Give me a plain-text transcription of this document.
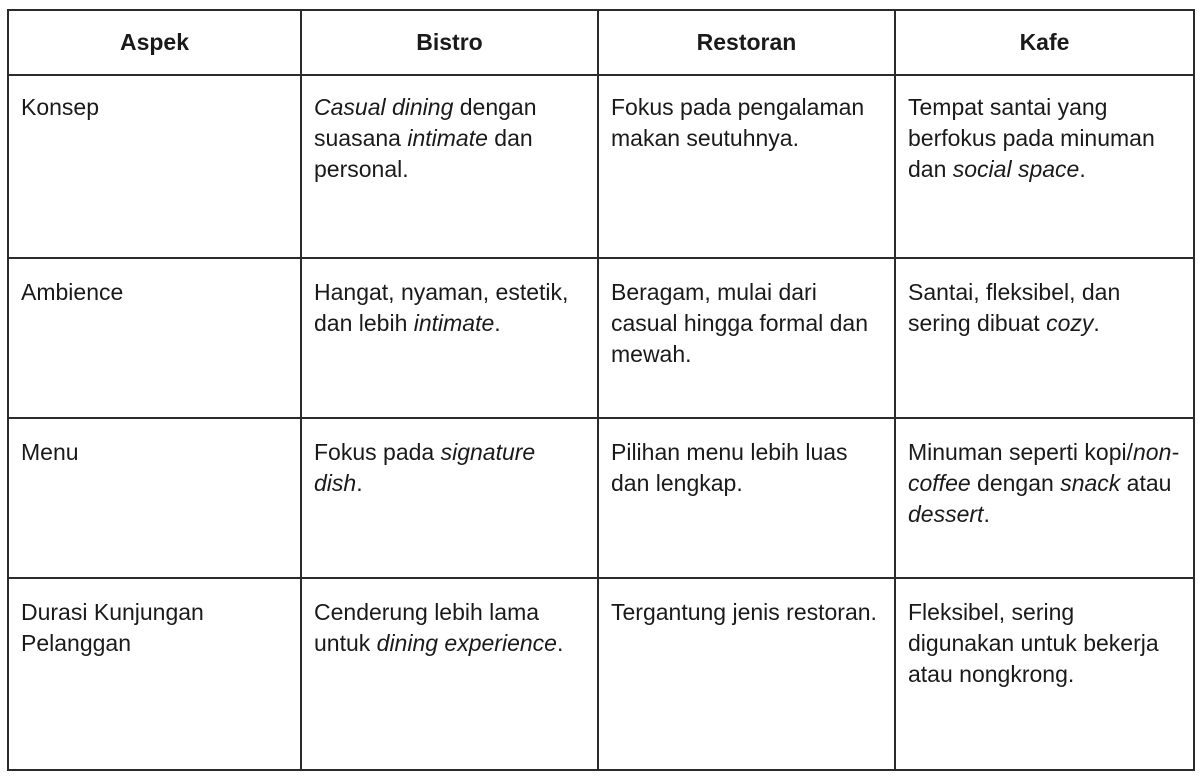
Aspek	Bistro	Restoran	Kafe
Konsep	Casual dining dengan suasana intimate dan personal.	Fokus pada pengalaman makan seutuhnya.	Tempat santai yang berfokus pada minuman dan social space.
Ambience	Hangat, nyaman, estetik, dan lebih intimate.	Beragam, mulai dari casual hingga formal dan mewah.	Santai, fleksibel, dan sering dibuat cozy.
Menu	Fokus pada signature dish.	Pilihan menu lebih luas dan lengkap.	Minuman seperti kopi/non-coffee dengan snack atau dessert.
Durasi Kunjungan Pelanggan	Cenderung lebih lama untuk dining experience.	Tergantung jenis restoran.	Fleksibel, sering digunakan untuk bekerja atau nongkrong.
